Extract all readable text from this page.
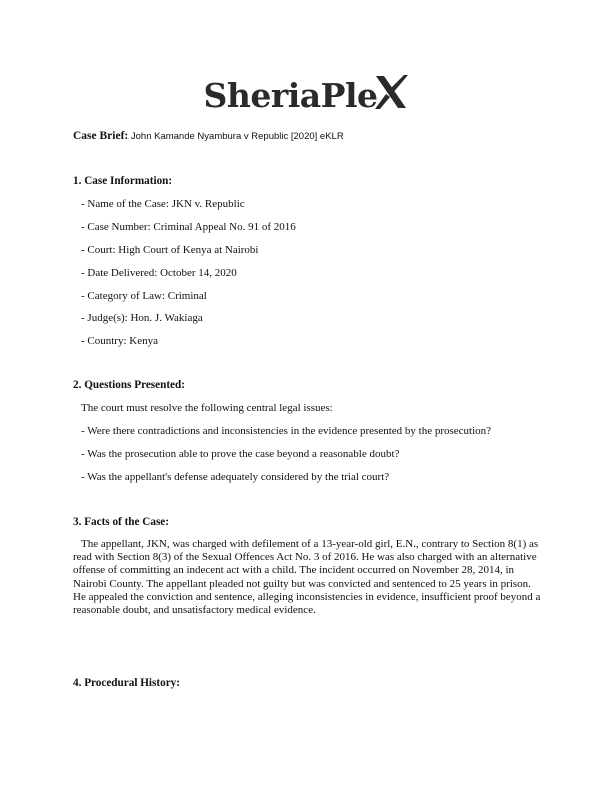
SheriaPle
Case Brief: John Kamande Nyambura v Republic [2020] eKLR
1. Case Information:
- Name of the Case: JKN v. Republic
- Case Number: Criminal Appeal No. 91 of 2016
- Court: High Court of Kenya at Nairobi
- Date Delivered: October 14, 2020
- Category of Law: Criminal
- Judge(s): Hon. J. Wakiaga
- Country: Kenya
2. Questions Presented:
The court must resolve the following central legal issues:
- Were there contradictions and inconsistencies in the evidence presented by the prosecution?
- Was the prosecution able to prove the case beyond a reasonable doubt?
- Was the appellant's defense adequately considered by the trial court?
3. Facts of the Case:

The appellant, JKN, was charged with defilement of a 13-year-old girl, E.N., contrary to Section 8(1) as read with Section 8(3) of the Sexual Offences Act No. 3 of 2016. He was also charged with an alternative offense of committing an indecent act with a child. The incident occurred on November 28, 2014, in Nairobi County. The appellant pleaded not guilty but was convicted and sentenced to 25 years in prison. He appealed the conviction and sentence, alleging inconsistencies in evidence, insufficient proof beyond a reasonable doubt, and unsatisfactory medical evidence.

4. Procedural History:
